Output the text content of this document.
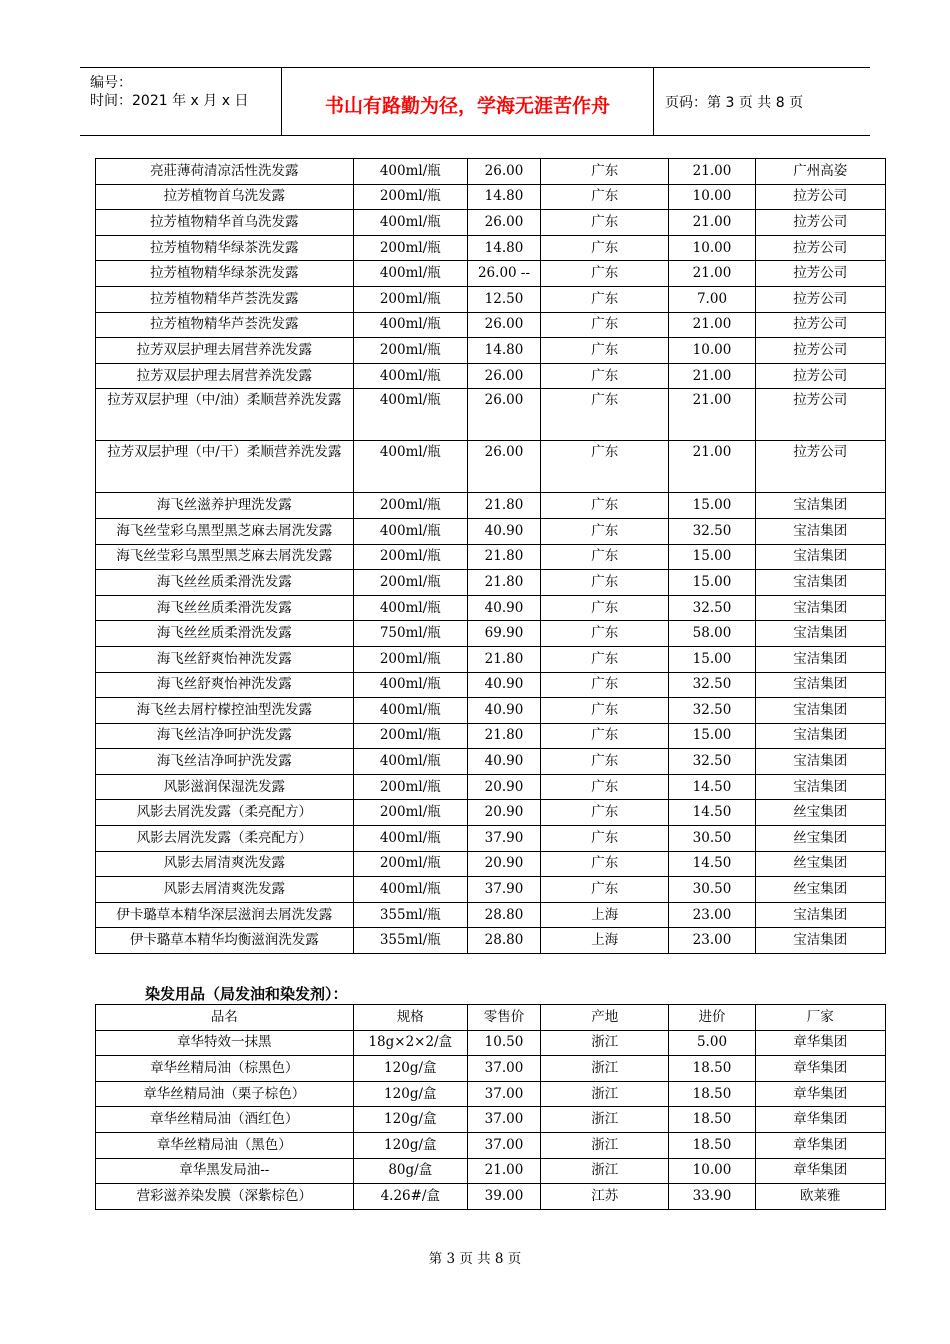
编号：
时间：2021 年 x 月 x 日	书山有路勤为径，学海无涯苦作舟	页码：第 3 页 共 8 页
亮莊薄荷清凉活性洗发露	400ml/瓶	26.00	广东	21.00	广州高姿
拉芳植物首乌洗发露	200ml/瓶	14.80	广东	10.00	拉芳公司
拉芳植物精华首乌洗发露	400ml/瓶	26.00	广东	21.00	拉芳公司
拉芳植物精华绿茶洗发露	200ml/瓶	14.80	广东	10.00	拉芳公司
拉芳植物精华绿茶洗发露	400ml/瓶	26.00 --	广东	21.00	拉芳公司
拉芳植物精华芦荟洗发露	200ml/瓶	12.50	广东	7.00	拉芳公司
拉芳植物精华芦荟洗发露	400ml/瓶	26.00	广东	21.00	拉芳公司
拉芳双层护理去屑营养洗发露	200ml/瓶	14.80	广东	10.00	拉芳公司
拉芳双层护理去屑营养洗发露	400ml/瓶	26.00	广东	21.00	拉芳公司
拉芳双层护理（中/油）柔顺营养洗发露	400ml/瓶	26.00	广东	21.00	拉芳公司
拉芳双层护理（中/干）柔顺营养洗发露	400ml/瓶	26.00	广东	21.00	拉芳公司
海飞丝滋养护理洗发露	200ml/瓶	21.80	广东	15.00	宝洁集团
海飞丝莹彩乌黑型黑芝麻去屑洗发露	400ml/瓶	40.90	广东	32.50	宝洁集团
海飞丝莹彩乌黑型黑芝麻去屑洗发露	200ml/瓶	21.80	广东	15.00	宝洁集团
海飞丝丝质柔滑洗发露	200ml/瓶	21.80	广东	15.00	宝洁集团
海飞丝丝质柔滑洗发露	400ml/瓶	40.90	广东	32.50	宝洁集团
海飞丝丝质柔滑洗发露	750ml/瓶	69.90	广东	58.00	宝洁集团
海飞丝舒爽怡神洗发露	200ml/瓶	21.80	广东	15.00	宝洁集团
海飞丝舒爽怡神洗发露	400ml/瓶	40.90	广东	32.50	宝洁集团
海飞丝去屑柠檬控油型洗发露	400ml/瓶	40.90	广东	32.50	宝洁集团
海飞丝洁净呵护洗发露	200ml/瓶	21.80	广东	15.00	宝洁集团
海飞丝洁净呵护洗发露	400ml/瓶	40.90	广东	32.50	宝洁集团
风影滋润保湿洗发露	200ml/瓶	20.90	广东	14.50	宝洁集团
风影去屑洗发露（柔亮配方）	200ml/瓶	20.90	广东	14.50	丝宝集团
风影去屑洗发露（柔亮配方）	400ml/瓶	37.90	广东	30.50	丝宝集团
风影去屑清爽洗发露	200ml/瓶	20.90	广东	14.50	丝宝集团
风影去屑清爽洗发露	400ml/瓶	37.90	广东	30.50	丝宝集团
伊卡璐草本精华深层滋润去屑洗发露	355ml/瓶	28.80	上海	23.00	宝洁集团
伊卡璐草本精华均衡滋润洗发露	355ml/瓶	28.80	上海	23.00	宝洁集团
染发用品（局发油和染发剂）：
品名	规格	零售价	产地	进价	厂家
章华特效一抹黑	18g×2×2/盒	10.50	浙江	5.00	章华集团
章华丝精局油（棕黑色）	120g/盒	37.00	浙江	18.50	章华集团
章华丝精局油（栗子棕色）	120g/盒	37.00	浙江	18.50	章华集团
章华丝精局油（酒红色）	120g/盒	37.00	浙江	18.50	章华集团
章华丝精局油（黑色）	120g/盒	37.00	浙江	18.50	章华集团
章华黑发局油--	80g/盒	21.00	浙江	10.00	章华集团
营彩滋养染发膜（深紫棕色）	4.26#/盒	39.00	江苏	33.90	欧莱雅
第 3 页 共 8 页
